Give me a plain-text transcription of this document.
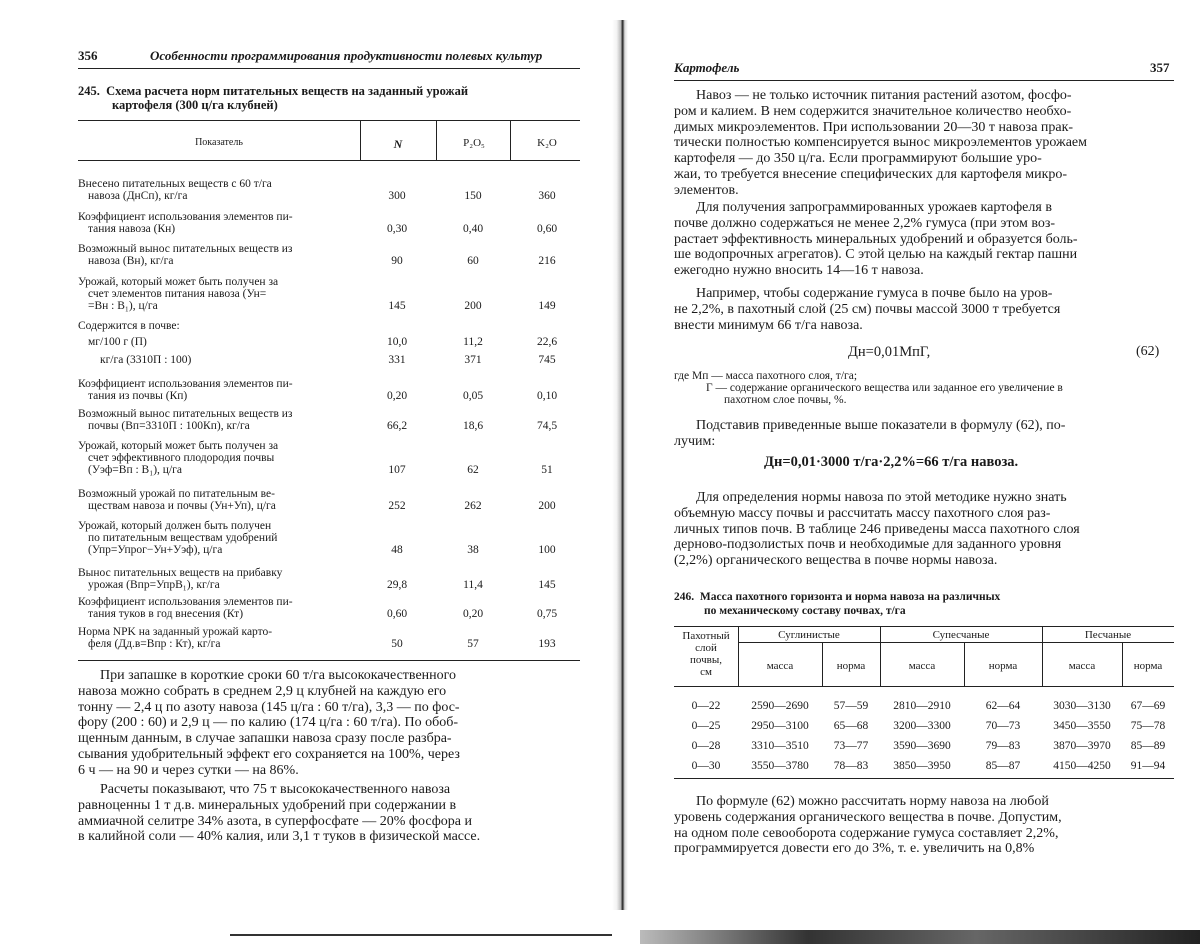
356	Особенности программирования продуктивности полевых культур
245. Схема расчета норм питательных веществ на заданный урожай
картофеля (300 ц/га клубней)
Показатель	N	P₂O₅	K₂O
Внесено питательных веществ с 60 т/га
навоза (ДнСп), кг/га	300	150	360
Коэффициент использования элементов пи-
тания навоза (Кн)	0,30	0,40	0,60
Возможный вынос питательных веществ из
навоза (Вн), кг/га	90	60	216
Урожай, который может быть получен за
счет элементов питания навоза (Ун=
=Вн : В₁), ц/га	145	200	149
Содержится в почве:
мг/100 г (П)	10,0	11,2	22,6
кг/га (3310П : 100)	331	371	745
Коэффициент использования элементов пи-
тания из почвы (Кп)	0,20	0,05	0,10
Возможный вынос питательных веществ из
почвы (Вп=3310П : 100Кп), кг/га	66,2	18,6	74,5
Урожай, который может быть получен за
счет эффективного плодородия почвы
(Уэф=Вп : В₁), ц/га	107	62	51
Возможный урожай по питательным ве-
ществам навоза и почвы (Ун+Уп), ц/га	252	262	200
Урожай, который должен быть получен
по питательным веществам удобрений
(Упр=Упрог−Ун+Уэф), ц/га	48	38	100
Вынос питательных веществ на прибавку
урожая (Впр=УпрВ₁), кг/га	29,8	11,4	145
Коэффициент использования элементов пи-
тания туков в год внесения (Кт)	0,60	0,20	0,75
Норма NPK на заданный урожай карто-
феля (Дд.в=Впр : Кт), кг/га	50	57	193
При запашке в короткие сроки 60 т/га высококачественного
навоза можно собрать в среднем 2,9 ц клубней на каждую его
тонну — 2,4 ц по азоту навоза (145 ц/га : 60 т/га), 3,3 — по фос-
фору (200 : 60) и 2,9 ц — по калию (174 ц/га : 60 т/га). По обоб-
щенным данным, в случае запашки навоза сразу после разбра-
сывания удобрительный эффект его сохраняется на 100%, через
6 ч — на 90 и через сутки — на 86%.
Расчеты показывают, что 75 т высококачественного навоза
равноценны 1 т д.в. минеральных удобрений при содержании в
аммиачной селитре 34% азота, в суперфосфате — 20% фосфора и
в калийной соли — 40% калия, или 3,1 т туков в физической массе.
Картофель	357
Навоз — не только источник питания растений азотом, фосфо-
ром и калием. В нем содержится значительное количество необхо-
димых микроэлементов. При использовании 20—30 т навоза прак-
тически полностью компенсируется вынос микроэлементов урожаем
картофеля — до 350 ц/га. Если программируют большие уро-
жаи, то требуется внесение специфических для картофеля микро-
элементов.
Для получения запрограммированных урожаев картофеля в
почве должно содержаться не менее 2,2% гумуса (при этом воз-
растает эффективность минеральных удобрений и образуется боль-
ше водопрочных агрегатов). С этой целью на каждый гектар пашни
ежегодно нужно вносить 14—16 т навоза.
Например, чтобы содержание гумуса в почве было на уров-
не 2,2%, в пахотный слой (25 см) почвы массой 3000 т требуется
внести минимум 66 т/га навоза.
Дн=0,01МпГ,	(62)
где Мп — масса пахотного слоя, т/га;
Г — содержание органического вещества или заданное его увеличение в
пахотном слое почвы, %.
Подставив приведенные выше показатели в формулу (62), по-
лучим:
Дн=0,01·3000 т/га·2,2%=66 т/га навоза.
Для определения нормы навоза по этой методике нужно знать
объемную массу почвы и рассчитать массу пахотного слоя раз-
личных типов почв. В таблице 246 приведены масса пахотного слоя
дерново-подзолистых почв и необходимые для заданного уровня
(2,2%) органического вещества в почве нормы навоза.
246. Масса пахотного горизонта и норма навоза на различных
по механическому составу почвах, т/га
Пахотный
слой
почвы,
см
Суглинистые	Супесчаные	Песчаные
масса	норма	масса	норма	масса	норма
0—22	2590—2690	57—59	2810—2910	62—64	3030—3130	67—69
0—25	2950—3100	65—68	3200—3300	70—73	3450—3550	75—78
0—28	3310—3510	73—77	3590—3690	79—83	3870—3970	85—89
0—30	3550—3780	78—83	3850—3950	85—87	4150—4250	91—94
По формуле (62) можно рассчитать норму навоза на любой
уровень содержания органического вещества в почве. Допустим,
на одном поле севооборота содержание гумуса составляет 2,2%,
программируется довести его до 3%, т. е. увеличить на 0,8%
